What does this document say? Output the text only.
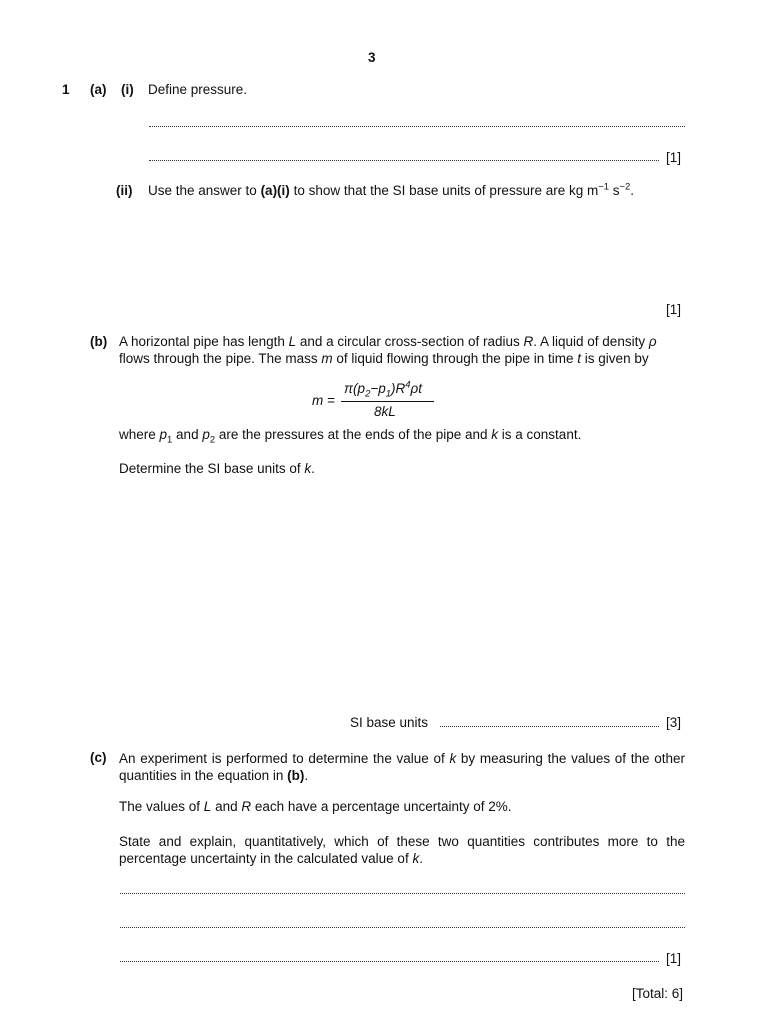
3
1 (a) (i) Define pressure.
[1]
(ii) Use the answer to (a)(i) to show that the SI base units of pressure are kg $m^{-1}$ $s^{-2}$.
[1]
(b) A horizontal pipe has length L and a circular cross-section of radius R. A liquid of density ρ
flows through the pipe. The mass m of liquid flowing through the pipe in time t is given by
m =
$\pi(p_2-p_1)R^4\rho t$
8kL
where $p_1$ and $p_2$ are the pressures at the ends of the pipe and k is a constant.
Determine the SI base units of k.
SI base units	[3]
(c) An experiment is performed to determine the value of k by measuring the values of the other quantities in the equation in (b).
The values of L and R each have a percentage uncertainty of 2%.
State and explain, quantitatively, which of these two quantities contributes more to the percentage uncertainty in the calculated value of k.
[1]
[Total: 6]
